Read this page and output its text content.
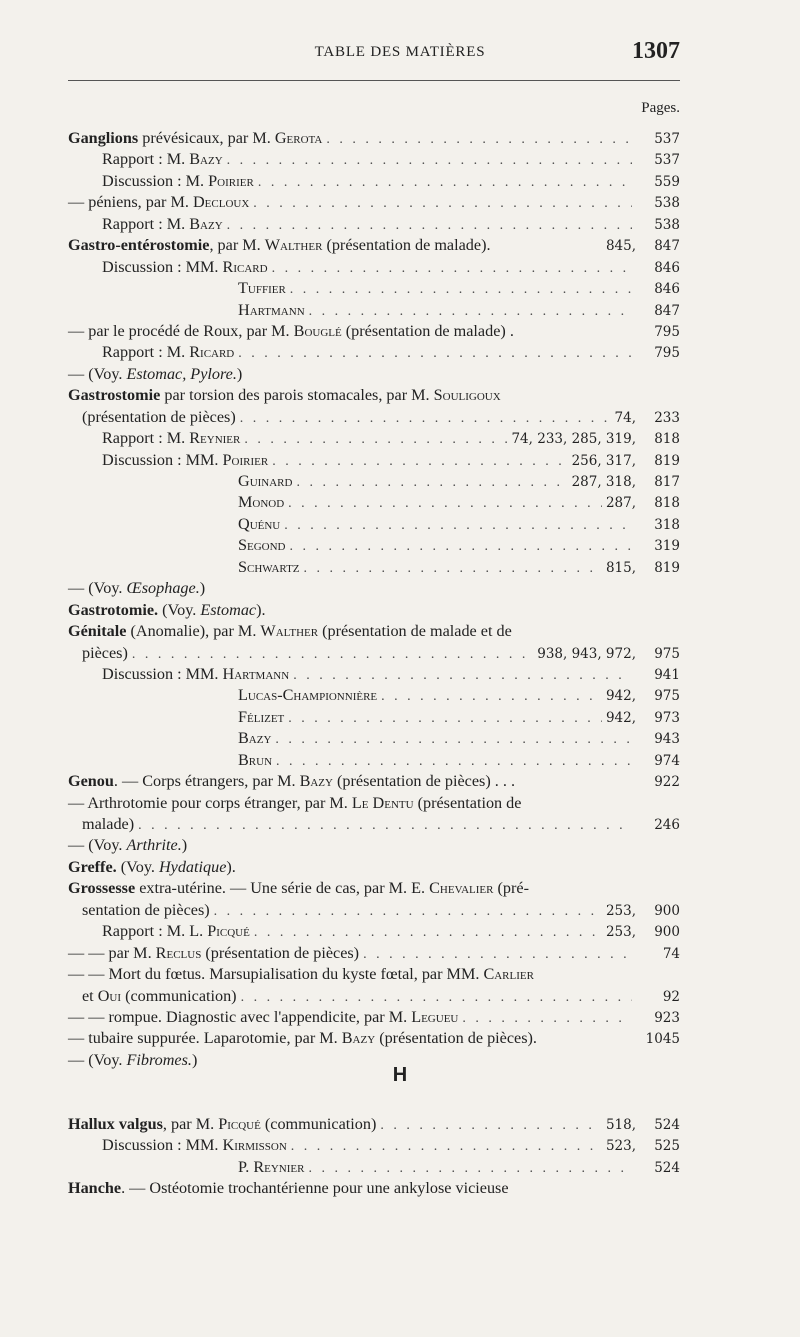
TABLE DES MATIÈRES	1307
Pages.
Ganglions prévésicaux, par M. Gerota . . .	537
Rapport : M. Bazy . . .	537
Discussion : M. Poirier . . .	559
— péniens, par M. Decloux . . .	538
Rapport : M. Bazy . . .	538
Gastro-entérostomie, par M. Walther (présentation de malade).	845,	847
Discussion : MM. Ricard . . .	846
Tuffier . . .	846
Hartmann . . .	847
— par le procédé de Roux, par M. Bouglé (présentation de malade) .	795
Rapport : M. Ricard . . .	795
— (Voy. Estomac, Pylore.)
Gastrostomie par torsion des parois stomacales, par M. Souligoux
(présentation de pièces) . . .	74,	233
Rapport : M. Reynier . . .	74, 233, 285, 319,	818
Discussion : MM. Poirier . . .	256, 317,	819
Guinard . . .	287, 318,	817
Monod . . .	287,	818
Quénu . . .	318
Segond . . .	319
Schwartz . . .	815,	819
— (Voy. Œsophage.)
Gastrotomie. (Voy. Estomac).
Génitale (Anomalie), par M. Walther (présentation de malade et de
pièces) . . .	938, 943, 972,	975
Discussion : MM. Hartmann . . .	941
Lucas-Championnière . . .	942,	975
Félizet . . .	942,	973
Bazy . . .	943
Brun . . .	974
Genou. — Corps étrangers, par M. Bazy (présentation de pièces) . . .	922
— Arthrotomie pour corps étranger, par M. Le Dentu (présentation de
malade) . . .	246
— (Voy. Arthrite.)
Greffe. (Voy. Hydatique).
Grossesse extra-utérine. — Une série de cas, par M. E. Chevalier (pré-
sentation de pièces) . . .	253,	900
Rapport : M. L. Picqué . . .	253,	900
— — par M. Reclus (présentation de pièces) . . .	74
— — Mort du fœtus. Marsupialisation du kyste fœtal, par MM. Carlier
et Oui (communication) . . .	92
— — rompue. Diagnostic avec l'appendicite, par M. Legueu . . .	923
— tubaire suppurée. Laparotomie, par M. Bazy (présentation de pièces).	1045
— (Voy. Fibromes.)
H
Hallux valgus, par M. Picqué (communication) . . .	518,	524
Discussion : MM. Kirmisson . . .	523,	525
P. Reynier . . .	524
Hanche. — Ostéotomie trochantérienne pour une ankylose vicieuse
